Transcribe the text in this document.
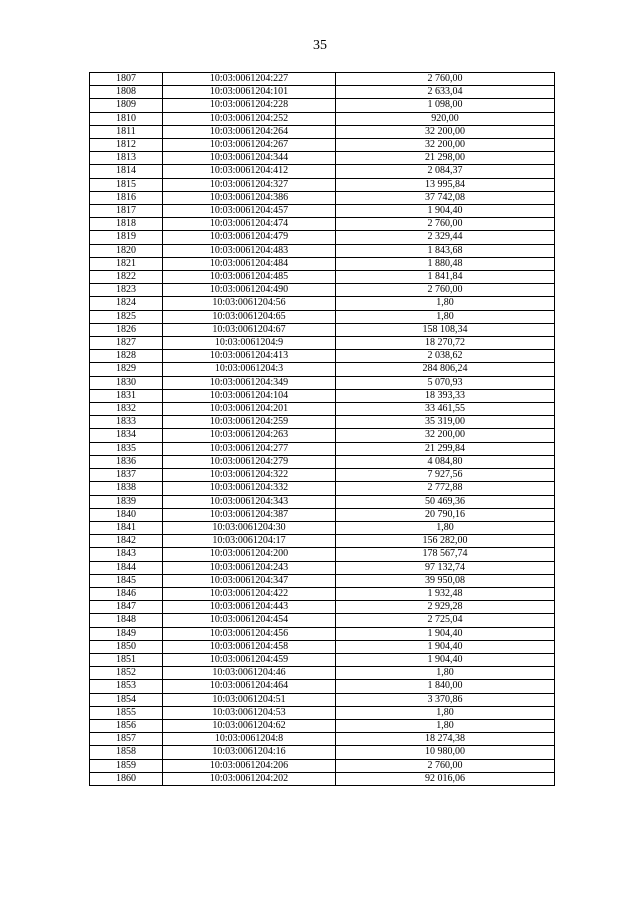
35
1807	10:03:0061204:227	2 760,00
1808	10:03:0061204:101	2 633,04
1809	10:03:0061204:228	1 098,00
1810	10:03:0061204:252	920,00
1811	10:03:0061204:264	32 200,00
1812	10:03:0061204:267	32 200,00
1813	10:03:0061204:344	21 298,00
1814	10:03:0061204:412	2 084,37
1815	10:03:0061204:327	13 995,84
1816	10:03:0061204:386	37 742,08
1817	10:03:0061204:457	1 904,40
1818	10:03:0061204:474	2 760,00
1819	10:03:0061204:479	2 329,44
1820	10:03:0061204:483	1 843,68
1821	10:03:0061204:484	1 880,48
1822	10:03:0061204:485	1 841,84
1823	10:03:0061204:490	2 760,00
1824	10:03:0061204:56	1,80
1825	10:03:0061204:65	1,80
1826	10:03:0061204:67	158 108,34
1827	10:03:0061204:9	18 270,72
1828	10:03:0061204:413	2 038,62
1829	10:03:0061204:3	284 806,24
1830	10:03:0061204:349	5 070,93
1831	10:03:0061204:104	18 393,33
1832	10:03:0061204:201	33 461,55
1833	10:03:0061204:259	35 319,00
1834	10:03:0061204:263	32 200,00
1835	10:03:0061204:277	21 299,84
1836	10:03:0061204:279	4 084,80
1837	10:03:0061204:322	7 927,56
1838	10:03:0061204:332	2 772,88
1839	10:03:0061204:343	50 469,36
1840	10:03:0061204:387	20 790,16
1841	10:03:0061204:30	1,80
1842	10:03:0061204:17	156 282,00
1843	10:03:0061204:200	178 567,74
1844	10:03:0061204:243	97 132,74
1845	10:03:0061204:347	39 950,08
1846	10:03:0061204:422	1 932,48
1847	10:03:0061204:443	2 929,28
1848	10:03:0061204:454	2 725,04
1849	10:03:0061204:456	1 904,40
1850	10:03:0061204:458	1 904,40
1851	10:03:0061204:459	1 904,40
1852	10:03:0061204:46	1,80
1853	10:03:0061204:464	1 840,00
1854	10:03:0061204:51	3 370,86
1855	10:03:0061204:53	1,80
1856	10:03:0061204:62	1,80
1857	10:03:0061204:8	18 274,38
1858	10:03:0061204:16	10 980,00
1859	10:03:0061204:206	2 760,00
1860	10:03:0061204:202	92 016,06
